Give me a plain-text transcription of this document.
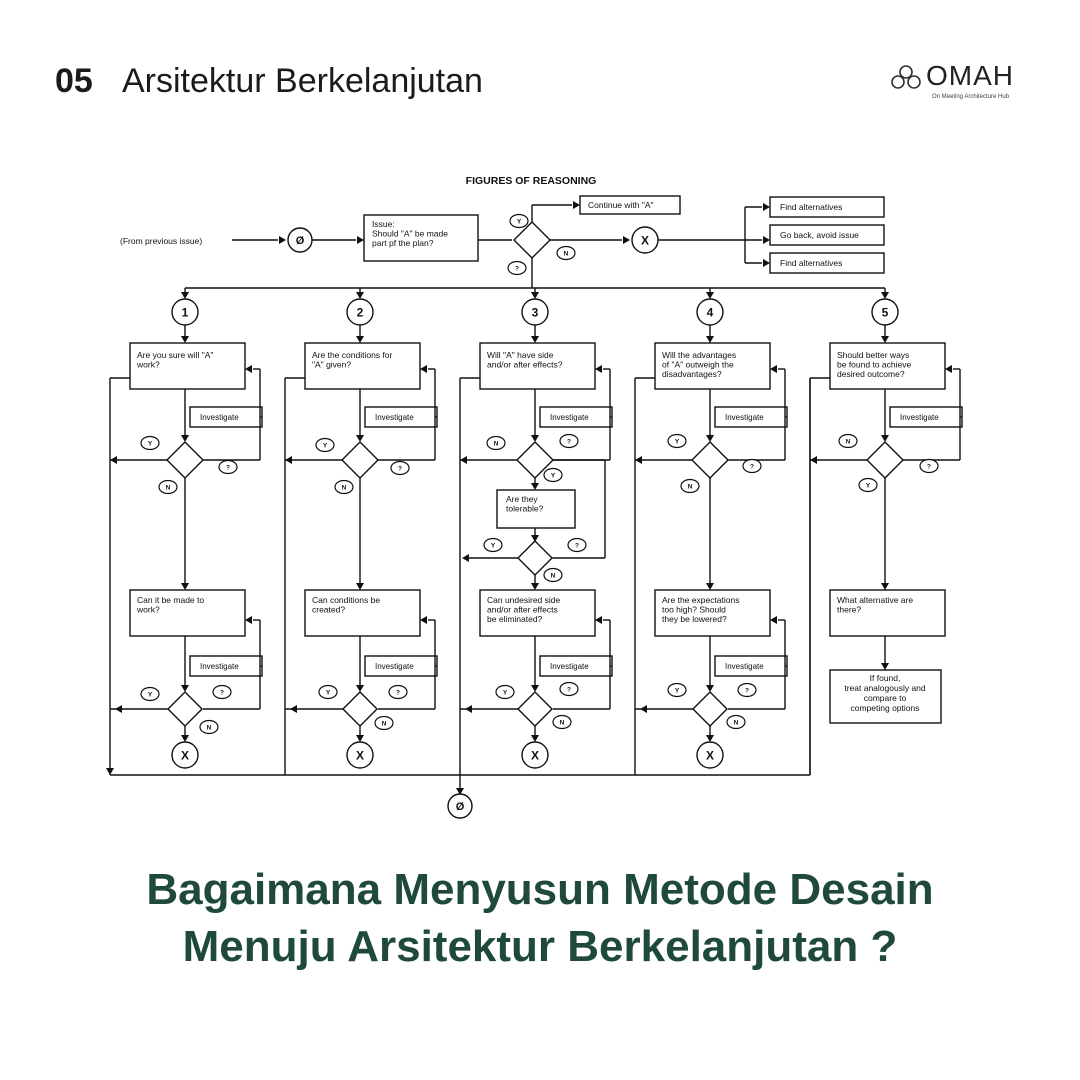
05 Arsitektur Berkelanjutan	OMAH
On Meeting Architecture Hub
FIGURES OF REASONING
(From previous issue)	Ø
Issue:
Should "A" be made
part pf the plan?
Y
N
?
Continue with "A"
X
Find alternatives
Go back, avoid issue
Find alternatives
1
Are you sure will "A"
work?
Investigate
2
Are the conditions for
"A" given?
Investigate
3
Will "A" have side
and/or after effects?
Investigate
4
Will the advantages
of "A" outweigh the
disadvantages?
Investigate
5
Should better ways
be found to achieve
desired outcome?
Investigate
Y
?
N
Y
?
N
N	?
Y
Y
?
N
N
?
Y
Are they
tolerable?
Y	?
N
Can it be made to
work?
Investigate
X
Can conditions be
created?
Investigate
X
Can undesired side
and/or after effects
be eliminated?
Investigate
X
Are the expectations
too high? Should
they be lowered?
Investigate
X
What alternative are
there?
Y	?
N
Y	?
N
Y	?
N
Y	?
N
If found,
treat analogously and
compare to
competing options
Ø
Bagaimana Menyusun Metode Desain
Menuju Arsitektur Berkelanjutan ?
